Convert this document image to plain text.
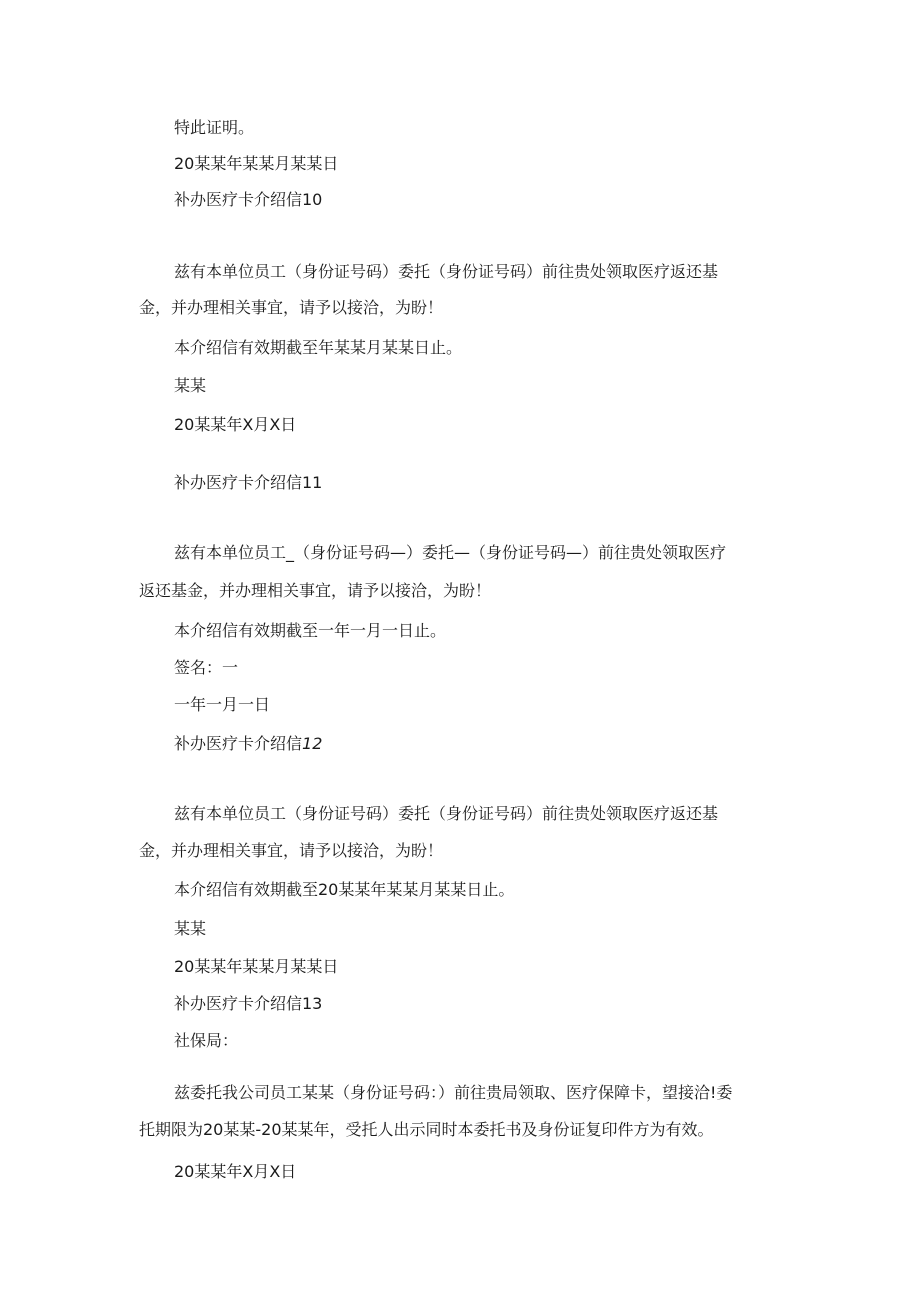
特此证明。
20某某年某某月某某日
补办医疗卡介绍信10
兹有本单位员工（身份证号码）委托（身份证号码）前往贵处领取医疗返还基
金，并办理相关事宜，请予以接洽，为盼！
本介绍信有效期截至年某某月某某日止。
某某
20某某年X月X日
补办医疗卡介绍信11
兹有本单位员工_（身份证号码—）委托—（身份证号码—）前往贵处领取医疗
返还基金，并办理相关事宜，请予以接洽，为盼！
本介绍信有效期截至一年一月一日止。
签名：一
一年一月一日
补办医疗卡介绍信12
兹有本单位员工（身份证号码）委托（身份证号码）前往贵处领取医疗返还基
金，并办理相关事宜，请予以接洽，为盼！
本介绍信有效期截至20某某年某某月某某日止。
某某
20某某年某某月某某日
补办医疗卡介绍信13
社保局：
兹委托我公司员工某某（身份证号码：）前往贵局领取、医疗保障卡，望接洽!委
托期限为20某某-20某某年，受托人出示同时本委托书及身份证复印件方为有效。
20某某年X月X日
